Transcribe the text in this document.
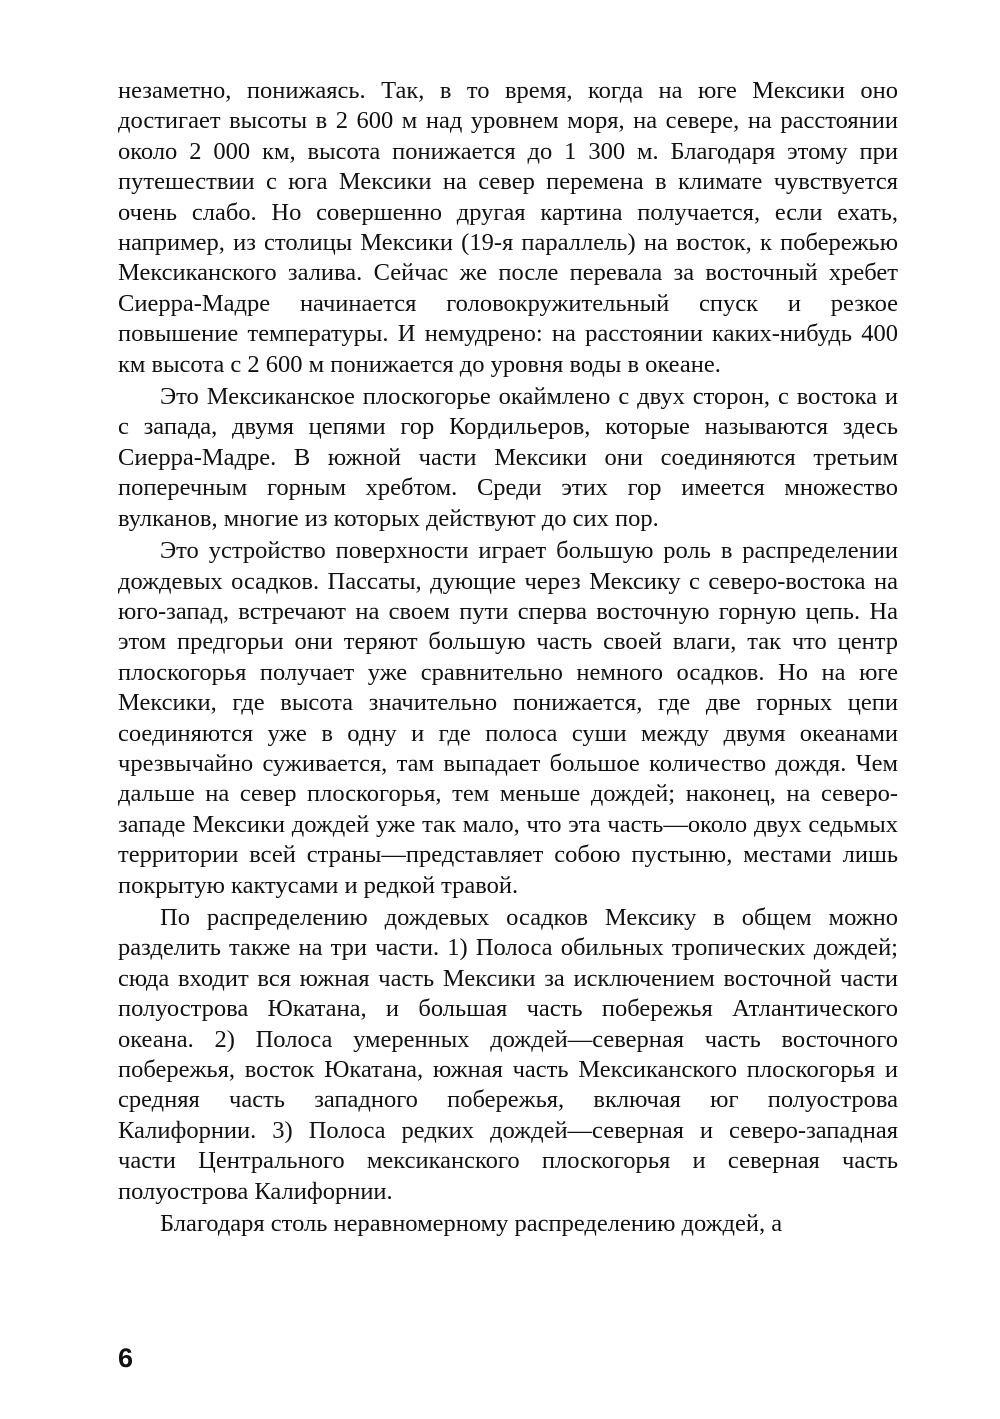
незаметно, понижаясь. Так, в то время, когда на юге Мексики оно достигает высоты в 2 600 м над уровнем моря, на севере, на расстоянии около 2 000 км, высота понижается до 1 300 м. Благодаря этому при путешествии с юга Мексики на север перемена в климате чувствуется очень слабо. Но совершенно другая картина получается, если ехать, например, из столицы Мексики (19-я параллель) на восток, к побережью Мексиканского залива. Сейчас же после перевала за восточный хребет Сиерра-Мадре начинается головокружительный спуск и резкое повышение температуры. И немудрено: на расстоянии каких-нибудь 400 км высота с 2 600 м понижается до уровня воды в океане.

Это Мексиканское плоскогорье окаймлено с двух сторон, с востока и с запада, двумя цепями гор Кордильеров, которые называются здесь Сиерра-Мадре. В южной части Мексики они соединяются третьим поперечным горным хребтом. Среди этих гор имеется множество вулканов, многие из которых действуют до сих пор.

Это устройство поверхности играет большую роль в распределении дождевых осадков. Пассаты, дующие через Мексику с северо-востока на юго-запад, встречают на своем пути сперва восточную горную цепь. На этом предгорьи они теряют большую часть своей влаги, так что центр плоскогорья получает уже сравнительно немного осадков. Но на юге Мексики, где высота значительно понижается, где две горных цепи соединяются уже в одну и где полоса суши между двумя океанами чрезвычайно суживается, там выпадает большое количество дождя. Чем дальше на север плоскогорья, тем меньше дождей; наконец, на северо-западе Мексики дождей уже так мало, что эта часть—около двух седьмых территории всей страны—представляет собою пустыню, местами лишь покрытую кактусами и редкой травой.

По распределению дождевых осадков Мексику в общем можно разделить также на три части. 1) Полоса обильных тропических дождей; сюда входит вся южная часть Мексики за исключением восточной части полуострова Юкатана, и большая часть побережья Атлантического океана. 2) Полоса умеренных дождей—северная часть восточного побережья, восток Юкатана, южная часть Мексиканского плоскогорья и средняя часть западного побережья, включая юг полуострова Калифорнии. 3) Полоса редких дождей—северная и северо-западная части Центрального мексиканского плоскогорья и северная часть полуострова Калифорнии.

Благодаря столь неравномерному распределению дождей, а

6
